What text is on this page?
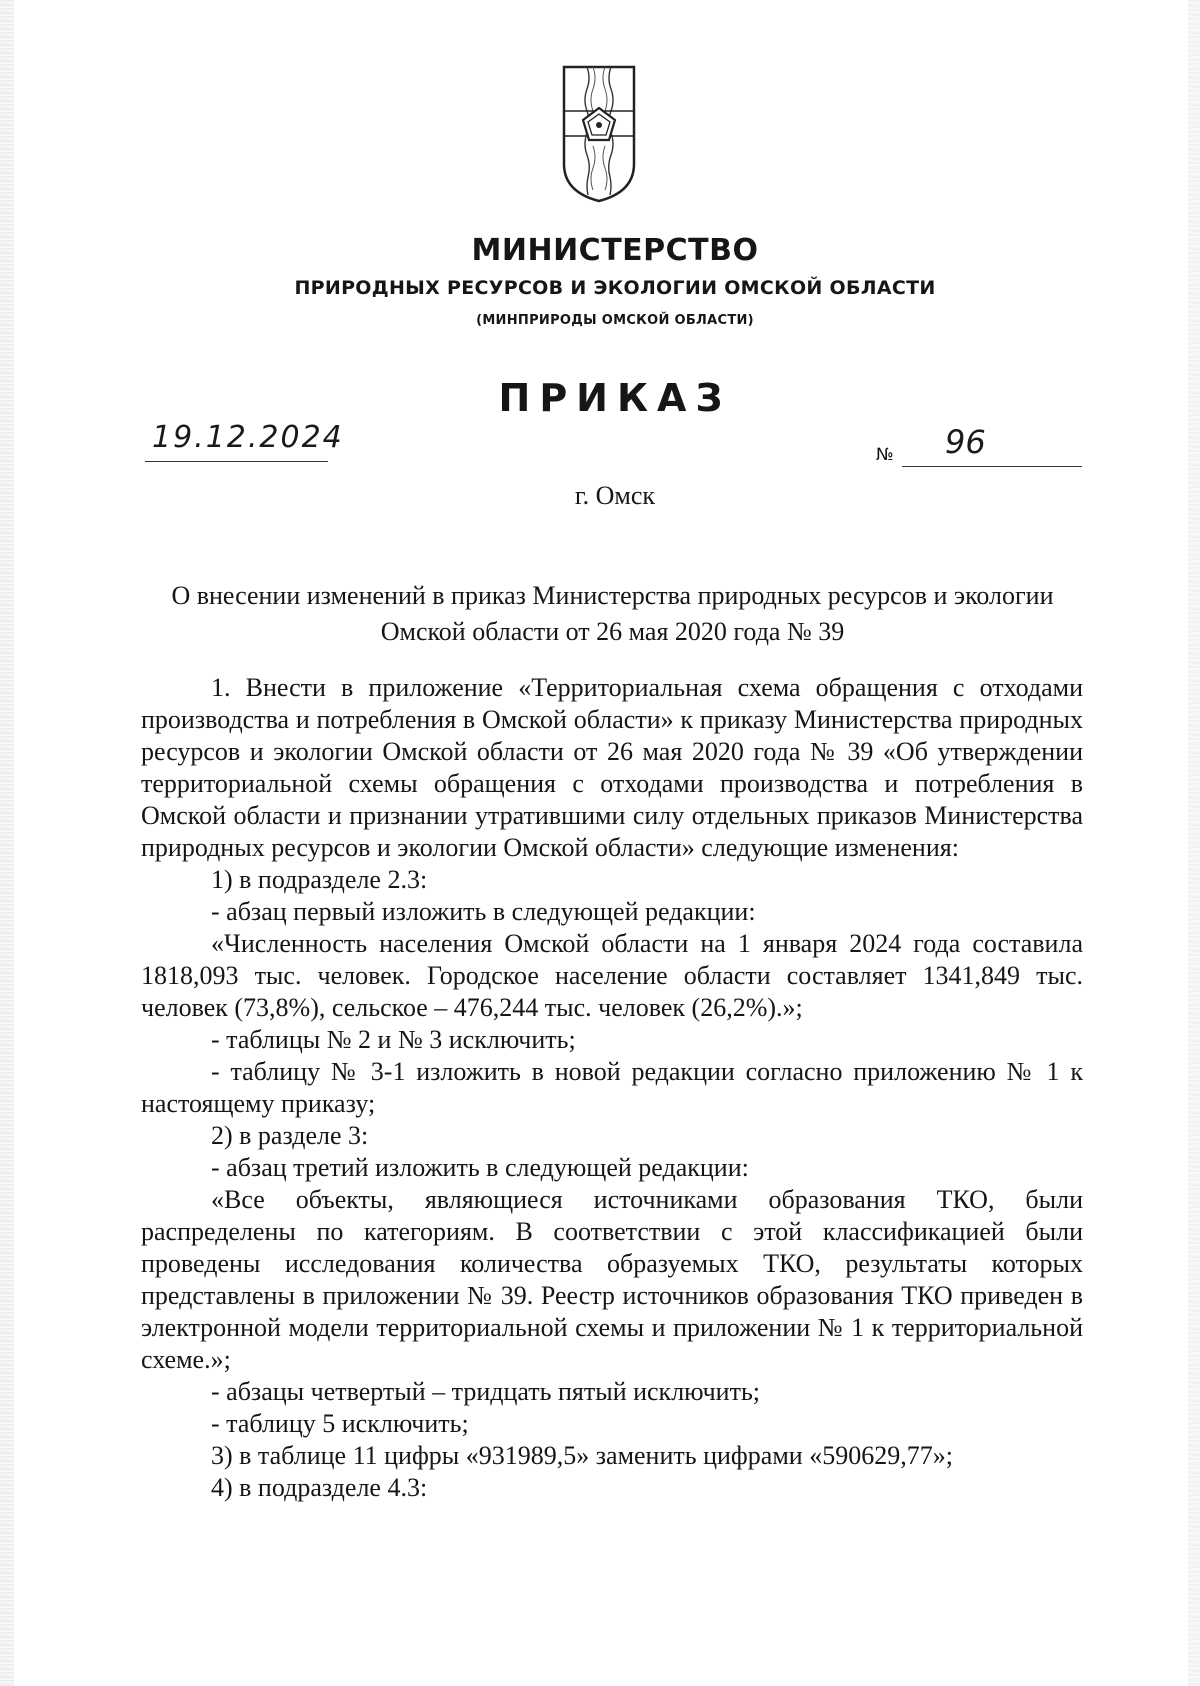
МИНИСТЕРСТВО
ПРИРОДНЫХ РЕСУРСОВ И ЭКОЛОГИИ ОМСКОЙ ОБЛАСТИ
(МИНПРИРОДЫ ОМСКОЙ ОБЛАСТИ)
ПРИКАЗ
19.12.2024	№ 96
г. Омск
О внесении изменений в приказ Министерства природных ресурсов и экологии Омской области от 26 мая 2020 года № 39

1. Внести в приложение «Территориальная схема обращения с отходами производства и потребления в Омской области» к приказу Министерства природных ресурсов и экологии Омской области от 26 мая 2020 года № 39 «Об утверждении территориальной схемы обращения с отходами производства и потребления в Омской области и признании утратившими силу отдельных приказов Министерства природных ресурсов и экологии Омской области» следующие изменения:

1) в подразделе 2.3:

- абзац первый изложить в следующей редакции:

«Численность населения Омской области на 1 января 2024 года составила 1818,093 тыс. человек. Городское население области составляет 1341,849 тыс. человек (73,8%), сельское – 476,244 тыс. человек (26,2%).»;

- таблицы № 2 и № 3 исключить;

- таблицу № 3-1 изложить в новой редакции согласно приложению № 1 к настоящему приказу;

2) в разделе 3:

- абзац третий изложить в следующей редакции:

«Все объекты, являющиеся источниками образования ТКО, были распределены по категориям. В соответствии с этой классификацией были проведены исследования количества образуемых ТКО, результаты которых представлены в приложении № 39. Реестр источников образования ТКО приведен в электронной модели территориальной схемы и приложении № 1 к территориальной схеме.»;

- абзацы четвертый – тридцать пятый исключить;

- таблицу 5 исключить;

3) в таблице 11 цифры «931989,5» заменить цифрами «590629,77»;

4) в подразделе 4.3:
